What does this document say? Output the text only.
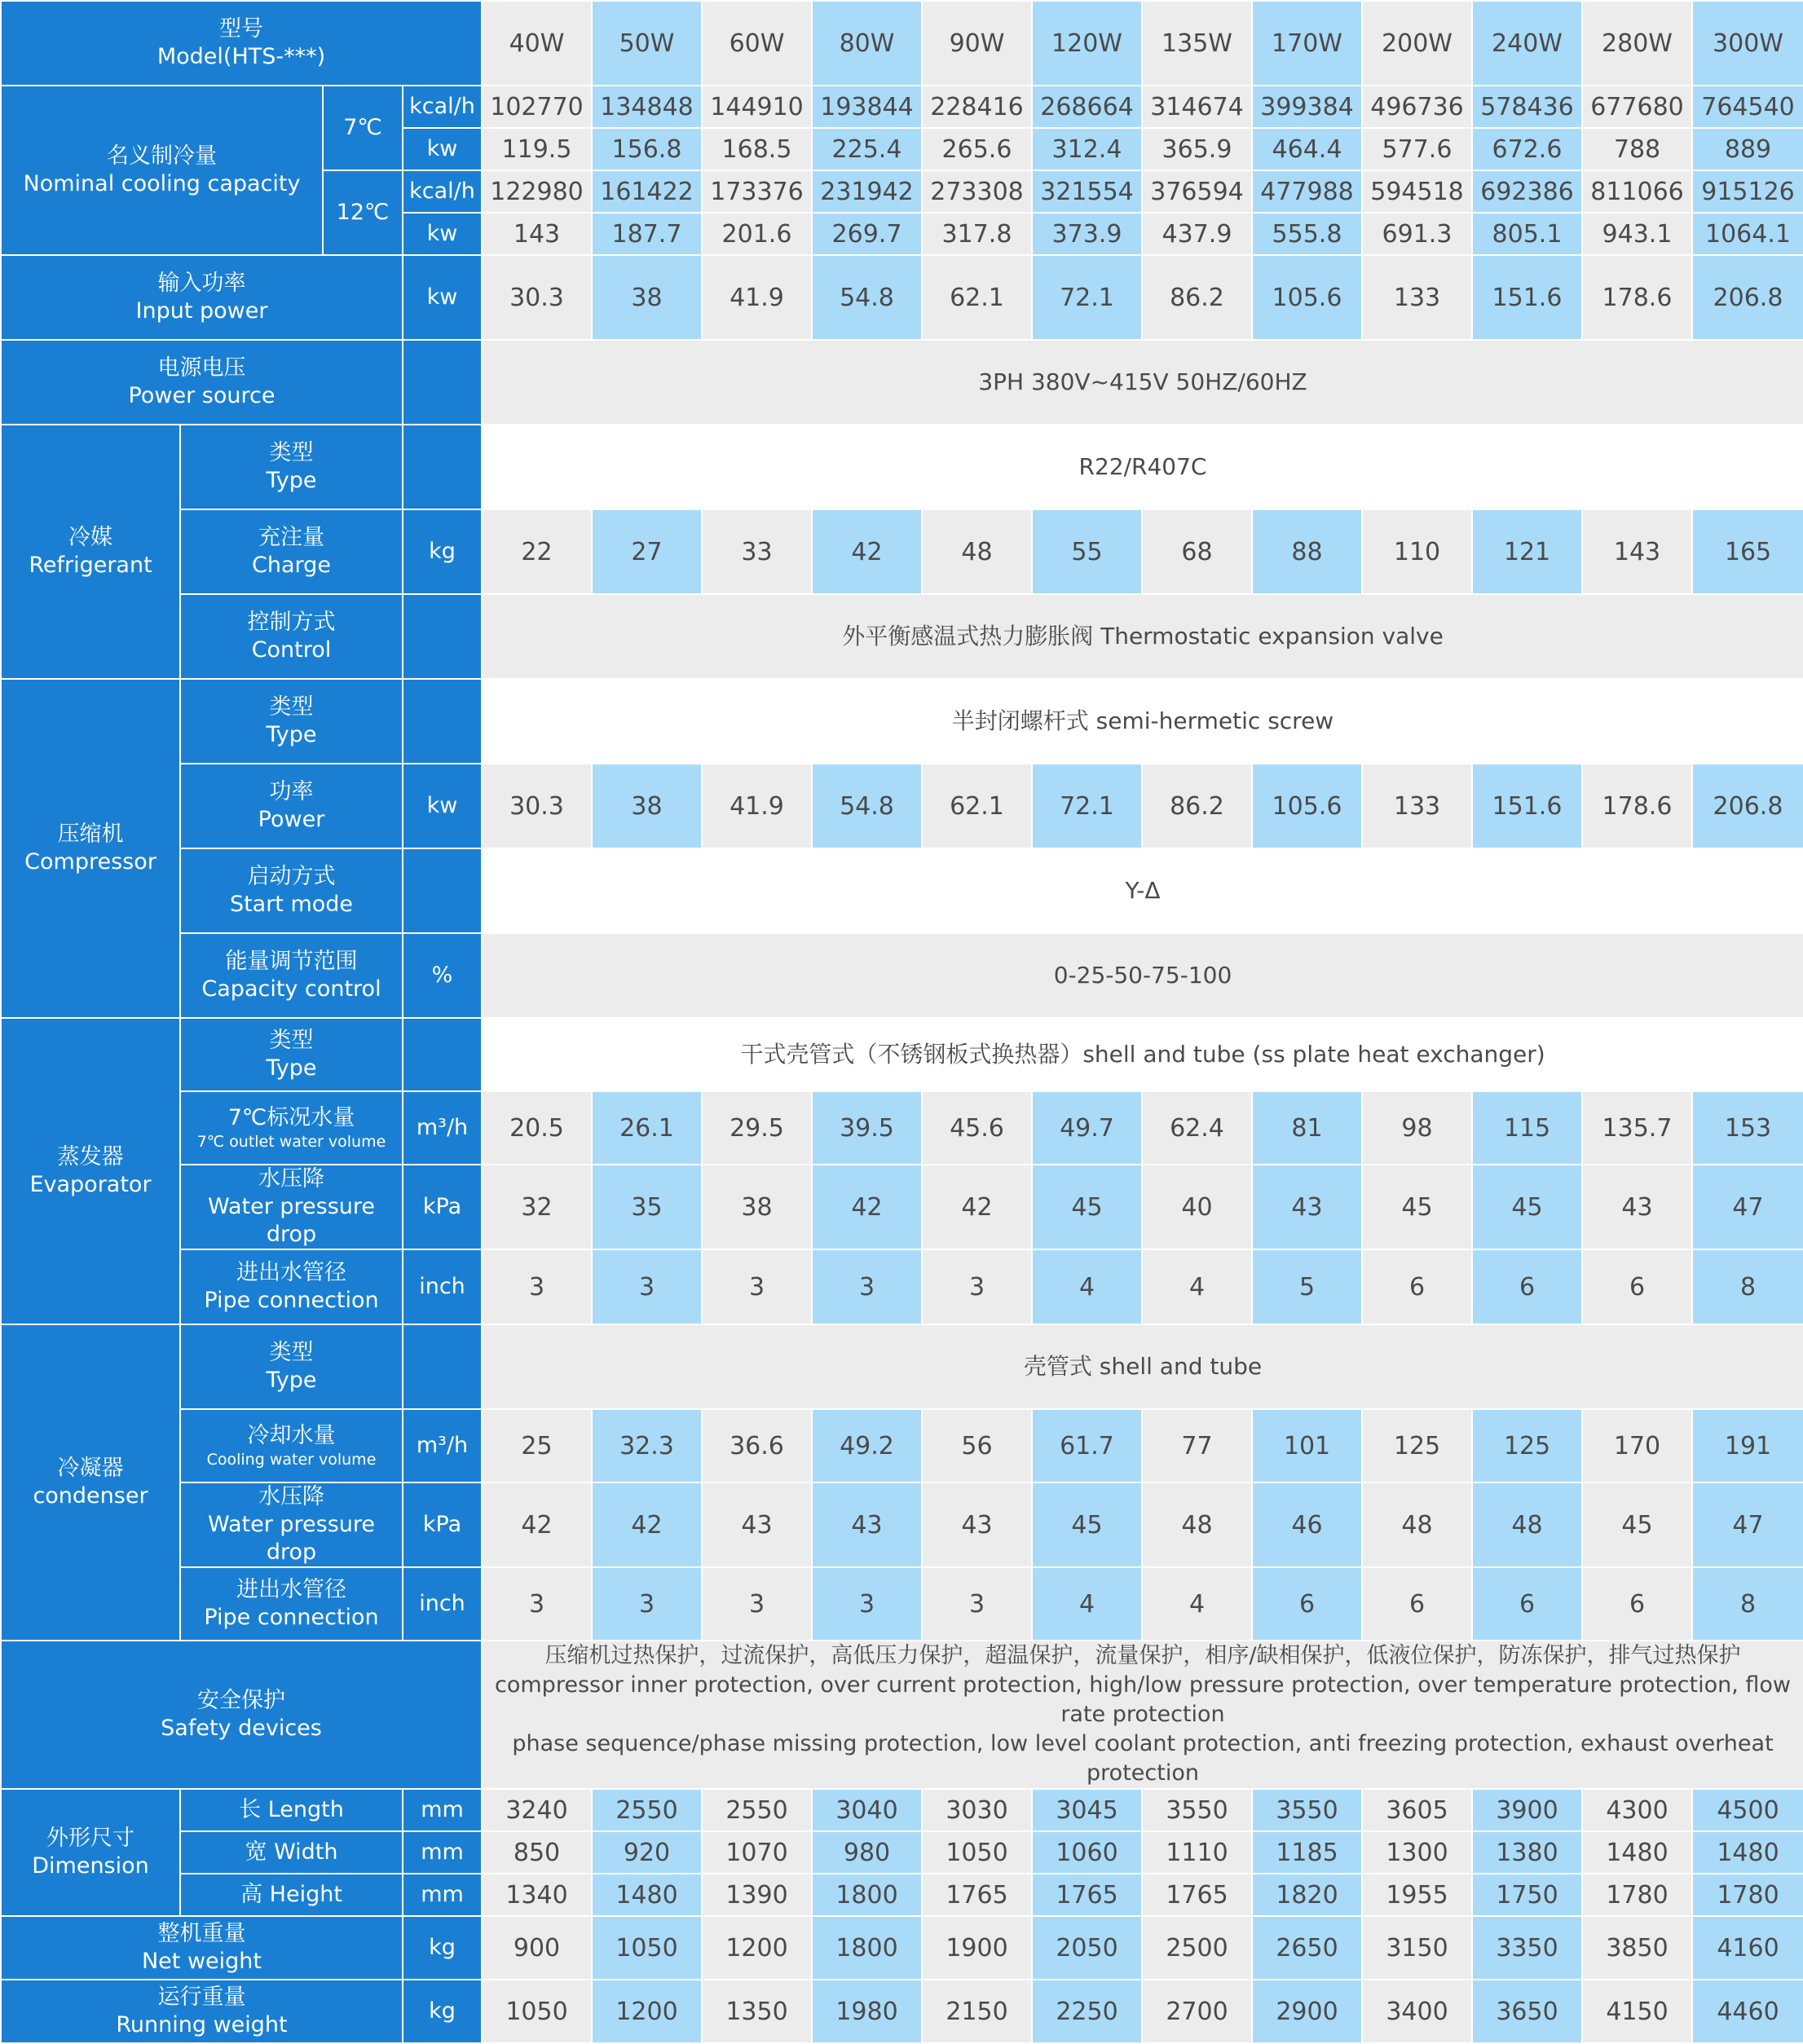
型号
Model(HTS-***)				40W	50W	60W	80W	90W	120W	135W	170W	200W	240W	280W	300W

名义制冷量
Nominal cooling capacity		7℃	kcal/h	102770	134848	144910	193844	228416	268664	314674	399384	496736	578436	677680	764540
			kw	119.5	156.8	168.5	225.4	265.6	312.4	365.9	464.4	577.6	672.6	788	889
		12℃	kcal/h	122980	161422	173376	231942	273308	321554	376594	477988	594518	692386	811066	915126
			kw	143	187.7	201.6	269.7	317.8	373.9	437.9	555.8	691.3	805.1	943.1	1064.1

输入功率
Input power			kw	30.3	38	41.9	54.8	62.1	72.1	86.2	105.6	133	151.6	178.6	206.8

电源电压
Power source				3PH 380V~415V 50HZ/60HZ											

冷媒
Refrigerant	类型
Type			R22/R407C											

	充注量
Charge		kg	22	27	33	42	48	55	68	88	110	121	143	165

	控制方式
Control			外平衡感温式热力膨胀阀 Thermostatic expansion valve											

压缩机
Compressor	类型
Type			半封闭螺杆式 semi-hermetic screw											

	功率
Power		kw	30.3	38	41.9	54.8	62.1	72.1	86.2	105.6	133	151.6	178.6	206.8

	启动方式
Start mode			Y-Δ											

	能量调节范围
Capacity control		%	0-25-50-75-100											

蒸发器
Evaporator	类型
Type			干式壳管式（不锈钢板式换热器）shell and tube (ss plate heat exchanger)											

	7℃标况水量
7℃ outlet water volume		m³/h	20.5	26.1	29.5	39.5	45.6	49.7	62.4	81	98	115	135.7	153

	水压降
Water pressure drop		kPa	32	35	38	42	42	45	40	43	45	45	43	47

	进出水管径
Pipe connection		inch	3	3	3	3	3	4	4	5	6	6	6	8

冷凝器
condenser	类型
Type			壳管式 shell and tube											

	冷却水量
Cooling water volume		m³/h	25	32.3	36.6	49.2	56	61.7	77	101	125	125	170	191

	水压降
Water pressure drop		kPa	42	42	43	43	43	45	48	46	48	48	45	47

	进出水管径
Pipe connection		inch	3	3	3	3	3	4	4	6	6	6	6	8

安全保护
Safety devices				压缩机过热保护，过流保护，高低压力保护，超温保护，流量保护，相序/缺相保护，低液位保护，防冻保护，排气过热保护
compressor inner protection, over current protection, high/low pressure protection, over temperature protection, flow rate protection
phase sequence/phase missing protection, low level coolant protection, anti freezing protection, exhaust overheat protection											

外形尺寸
Dimension	长 Length		mm	3240	2550	2550	3040	3030	3045	3550	3550	3605	3900	4300	4500
	宽 Width		mm	850	920	1070	980	1050	1060	1110	1185	1300	1380	1480	1480
	高 Height		mm	1340	1480	1390	1800	1765	1765	1765	1820	1955	1750	1780	1780

整机重量
Net weight			kg	900	1050	1200	1800	1900	2050	2500	2650	3150	3350	3850	4160

运行重量
Running weight			kg	1050	1200	1350	1980	2150	2250	2700	2900	3400	3650	4150	4460
